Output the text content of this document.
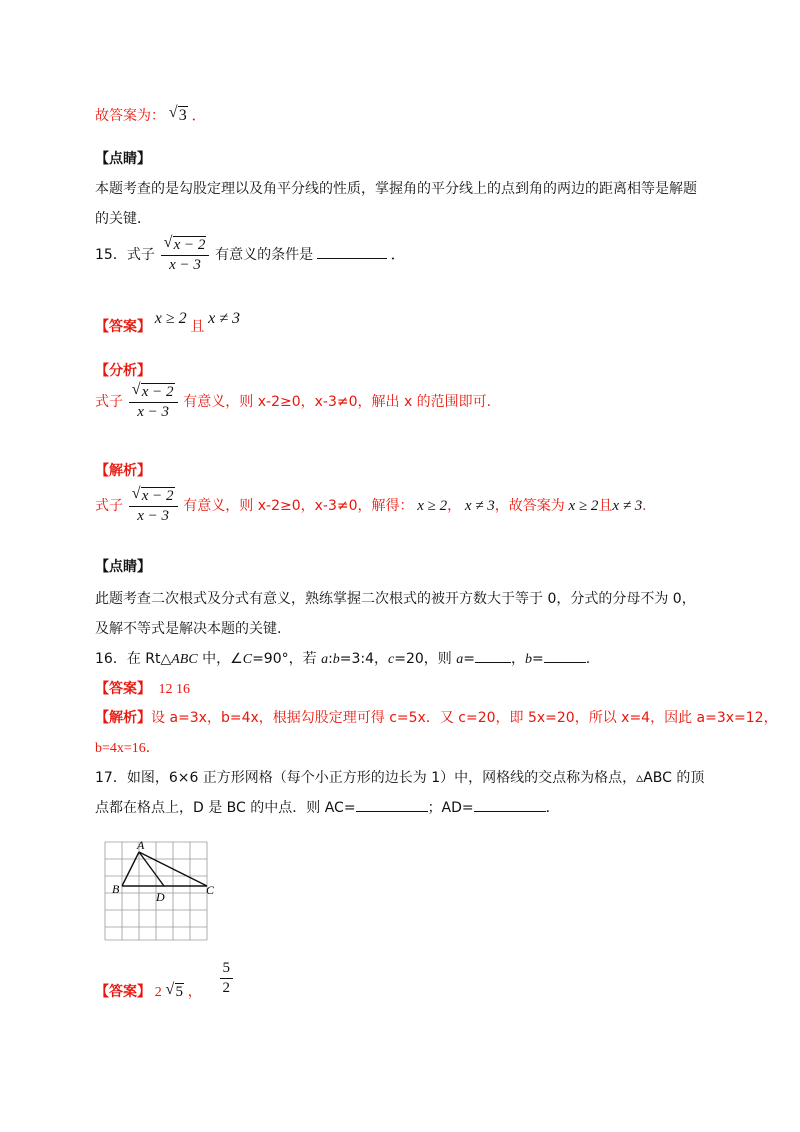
故答案为： √ 3 ．
【点睛】
本题考查的是勾股定理以及角平分线的性质，掌握角的平分线上的点到角的两边的距离相等是解题
的关键．
15．式子 $\frac{√ x - 2}{x - 3}$ 有意义的条件是	．
【答案】 x ≥ 2 且 x ≠ 3
【分析】
式子 $\frac{√ x - 2}{x - 3}$ 有意义，则 x-2≥0，x-3≠0，解出 x 的范围即可.
【解析】
式子 $\frac{√ x - 2}{x - 3}$ 有意义，则 x-2≥0，x-3≠0，解得： x ≥ 2， x ≠ 3，故答案为 x ≥ 2且x ≠ 3.
【点睛】
此题考查二次根式及分式有意义，熟练掌握二次根式的被开方数大于等于 0，分式的分母不为 0，
及解不等式是解决本题的关键.
16．在 Rt△ABC 中，∠C=90°，若 a:b=3:4，c=20，则 a=	，b=	.
【答案】 12 16
【解析】设 a=3x，b=4x，根据勾股定理可得 c=5x．又 c=20，即 5x=20，所以 x=4，因此 a=3x=12，
b=4x=16．
17．如图，6×6 正方形网格（每个小正方形的边长为 1）中，网格线的交点称为格点，▵ABC 的顶
点都在格点上，D 是 BC 的中点．则 AC=	；AD=	．
A
B	C
D
【答案】 2 √ 5 ， $\frac{5}{2}$
